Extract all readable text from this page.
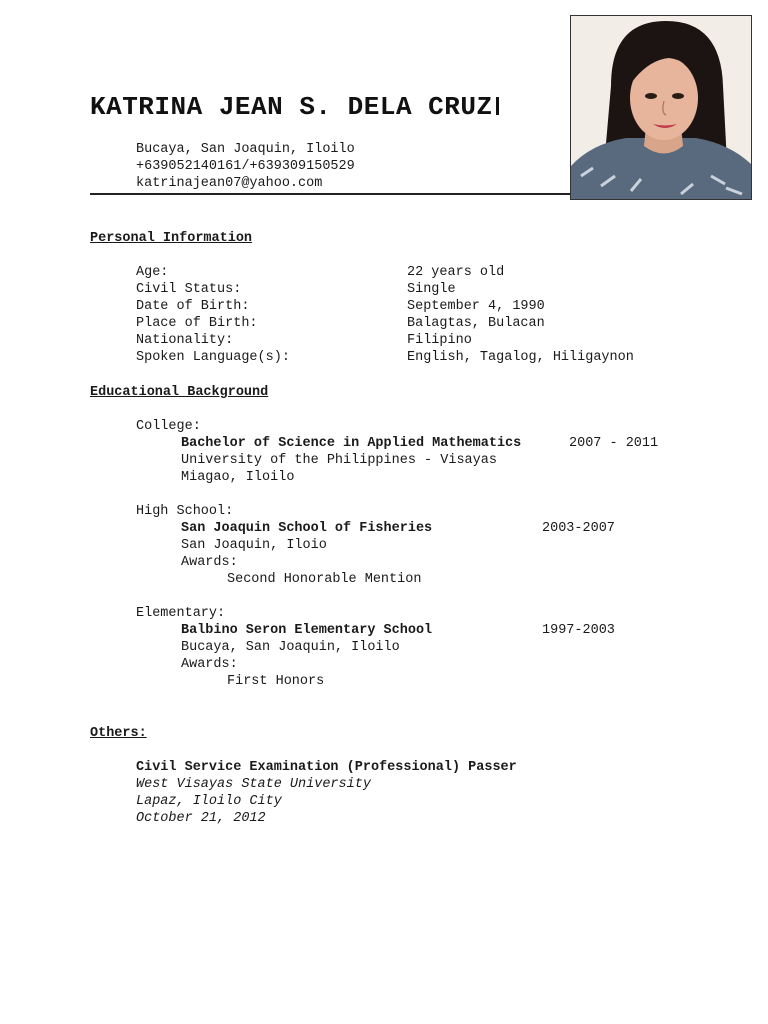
KATRINA JEAN S. DELA CRUZ
Bucaya, San Joaquin, Iloilo
+639052140161/+639309150529
katrinajean07@yahoo.com
Personal Information
Age:	22 years old
Civil Status:	Single
Date of Birth:	September 4, 1990
Place of Birth:	Balagtas, Bulacan
Nationality:	Filipino
Spoken Language(s):	English, Tagalog, Hiligaynon
Educational Background
College:
Bachelor of Science in Applied Mathematics	2007 - 2011
University of the Philippines - Visayas
Miagao, Iloilo
High School:
San Joaquin School of Fisheries	2003-2007
San Joaquin, Iloio
Awards:
Second Honorable Mention
Elementary:
Balbino Seron Elementary School	1997-2003
Bucaya, San Joaquin, Iloilo
Awards:
First Honors
Others:
Civil Service Examination (Professional) Passer
West Visayas State University
Lapaz, Iloilo City
October 21, 2012
